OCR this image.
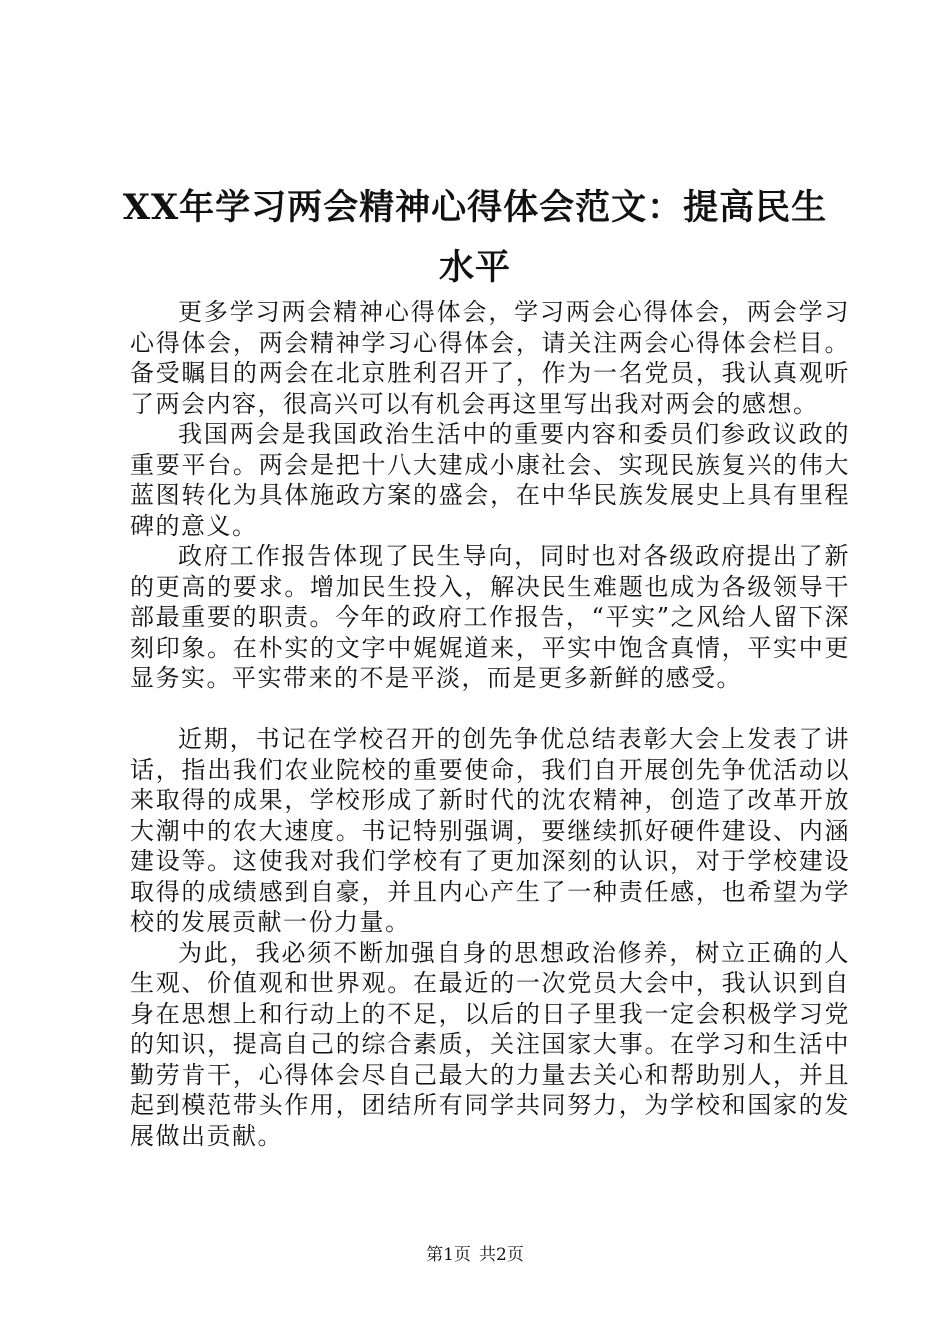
XX年学习两会精神心得体会范文：提高民生水平

更多学习两会精神心得体会，学习两会心得体会，两会学习心得体会，两会精神学习心得体会，请关注两会心得体会栏目。备受瞩目的两会在北京胜利召开了，作为一名党员，我认真观听了两会内容，很高兴可以有机会再这里写出我对两会的感想。

我国两会是我国政治生活中的重要内容和委员们参政议政的重要平台。两会是把十八大建成小康社会、实现民族复兴的伟大蓝图转化为具体施政方案的盛会，在中华民族发展史上具有里程碑的意义。

政府工作报告体现了民生导向，同时也对各级政府提出了新的更高的要求。增加民生投入，解决民生难题也成为各级领导干部最重要的职责。今年的政府工作报告，“平实”之风给人留下深刻印象。在朴实的文字中娓娓道来，平实中饱含真情，平实中更显务实。平实带来的不是平淡，而是更多新鲜的感受。

近期，书记在学校召开的创先争优总结表彰大会上发表了讲话，指出我们农业院校的重要使命，我们自开展创先争优活动以来取得的成果，学校形成了新时代的沈农精神，创造了改革开放大潮中的农大速度。书记特别强调，要继续抓好硬件建设、内涵建设等。这使我对我们学校有了更加深刻的认识，对于学校建设取得的成绩感到自豪，并且内心产生了一种责任感，也希望为学校的发展贡献一份力量。

为此，我必须不断加强自身的思想政治修养，树立正确的人生观、价值观和世界观。在最近的一次党员大会中，我认识到自身在思想上和行动上的不足，以后的日子里我一定会积极学习党的知识，提高自己的综合素质，关注国家大事。在学习和生活中勤劳肯干，心得体会尽自己最大的力量去关心和帮助别人，并且起到模范带头作用，团结所有同学共同努力，为学校和国家的发展做出贡献。

第1页 共2页
